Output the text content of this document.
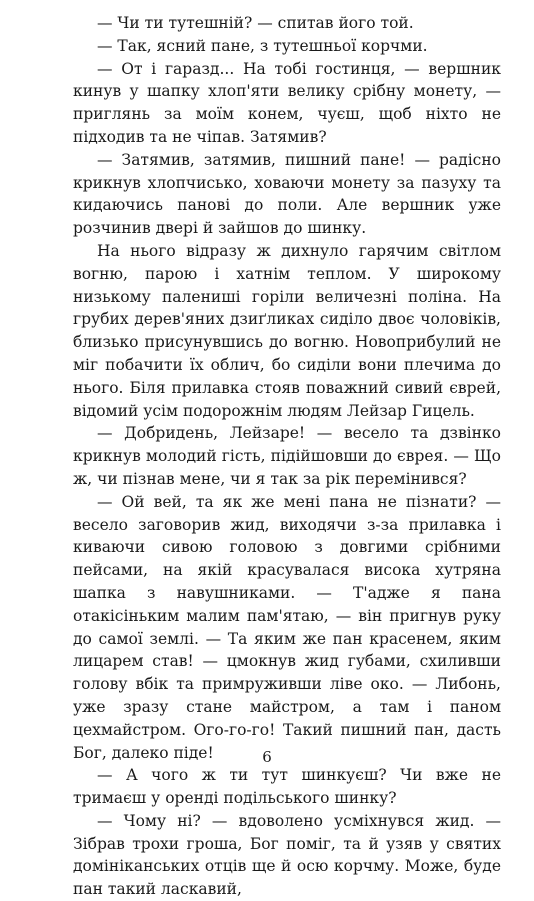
— Чи ти тутешній? — спитав його той.

— Так, ясний пане, з тутешньої корчми.

— От і гаразд... На тобі гостинця, — вершник кинув у шапку хлоп'яти велику срібну монету, — приглянь за моїм конем, чуєш, щоб ніхто не підходив та не чіпав. Затямив?

— Затямив, затямив, пишний пане! — радісно крикнув хлопчисько, ховаючи монету за пазуху та кидаючись панові до поли. Але вершник уже розчинив двері й зайшов до шинку.

На нього відразу ж дихнуло гарячим світлом вогню, парою і хатнім теплом. У широкому низькому палениші горіли величезні поліна. На грубих дерев'яних дзиґликах сиділо двоє чоловіків, близько присунувшись до вогню. Новоприбулий не міг побачити їх облич, бо сиділи вони плечима до нього. Біля прилавка стояв поважний сивий єврей, відомий усім подорожнім людям Лейзар Гицель.

— Добридень, Лейзаре! — весело та дзвінко крикнув молодий гість, підійшовши до єврея. — Що ж, чи пізнав мене, чи я так за рік перемінився?

— Ой вей, та як же мені пана не пізнати? — весело заговорив жид, виходячи з-за прилавка і киваючи сивою головою з довгими срібними пейсами, на якій красувалася висока хутряна шапка з навушниками. — Т'адже я пана отакісіньким малим пам'ятаю, — він пригнув руку до самої землі. — Та яким же пан красенем, яким лицарем став! — цмокнув жид губами, схиливши голову вбік та примруживши ліве око. — Либонь, уже зразу стане майстром, а там і паном цехмайстром. Ого-го-го! Такий пишний пан, дасть Бог, далеко піде!

— А чого ж ти тут шинкуєш? Чи вже не тримаєш у оренді подільського шинку?

— Чому ні? — вдоволено усміхнувся жид. — Зібрав трохи гроша, Бог поміг, та й узяв у святих домініканських отців ще й осю корчму. Може, буде пан такий ласкавий,

6
